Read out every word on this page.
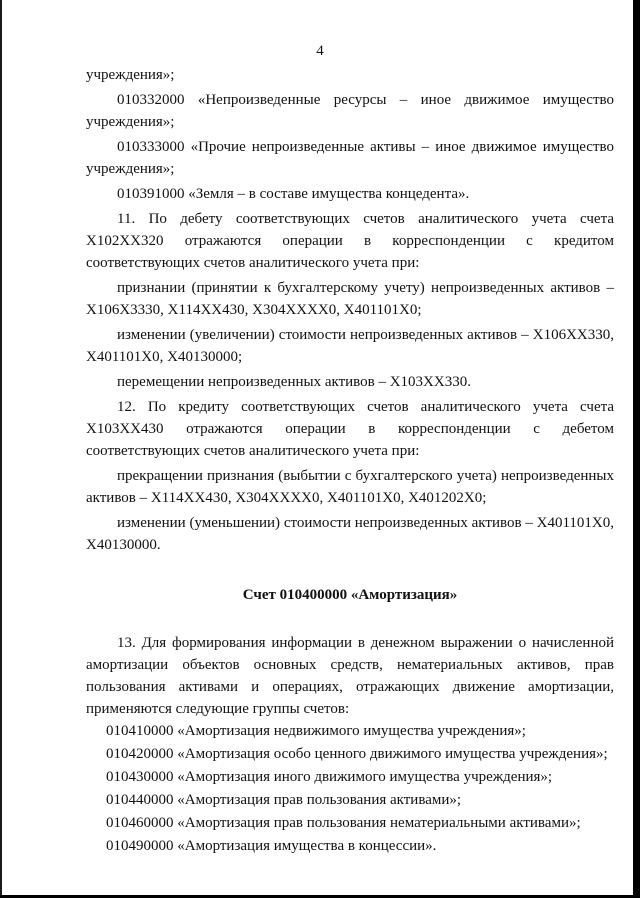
4

учреждения»;

010332000 «Непроизведенные ресурсы – иное движимое имущество учреждения»;

010333000 «Прочие непроизведенные активы – иное движимое имущество учреждения»;

010391000 «Земля – в составе имущества концедента».

11. По дебету соответствующих счетов аналитического учета счета Х102ХХ320 отражаются операции в корреспонденции с кредитом соответствующих счетов аналитического учета при:

признании (принятии к бухгалтерскому учету) непроизведенных активов – Х106Х3330, Х114ХХ430, Х304ХХХХ0, Х401101Х0;

изменении (увеличении) стоимости непроизведенных активов – Х106ХХ330, Х401101Х0, Х40130000;

перемещении непроизведенных активов – Х103ХХ330.

12. По кредиту соответствующих счетов аналитического учета счета Х103ХХ430 отражаются операции в корреспонденции с дебетом соответствующих счетов аналитического учета при:

прекращении признания (выбытии с бухгалтерского учета) непроизведенных активов – Х114ХХ430, Х304ХХХХ0, Х401101Х0, Х401202Х0;

изменении (уменьшении) стоимости непроизведенных активов – Х401101Х0, Х40130000.

Счет 010400000 «Амортизация»

13. Для формирования информации в денежном выражении о начисленной амортизации объектов основных средств, нематериальных активов, прав пользования активами и операциях, отражающих движение амортизации, применяются следующие группы счетов:

010410000 «Амортизация недвижимого имущества учреждения»;
010420000 «Амортизация особо ценного движимого имущества учреждения»;
010430000 «Амортизация иного движимого имущества учреждения»;
010440000 «Амортизация прав пользования активами»;
010460000 «Амортизация прав пользования нематериальными активами»;
010490000 «Амортизация имущества в концессии».
